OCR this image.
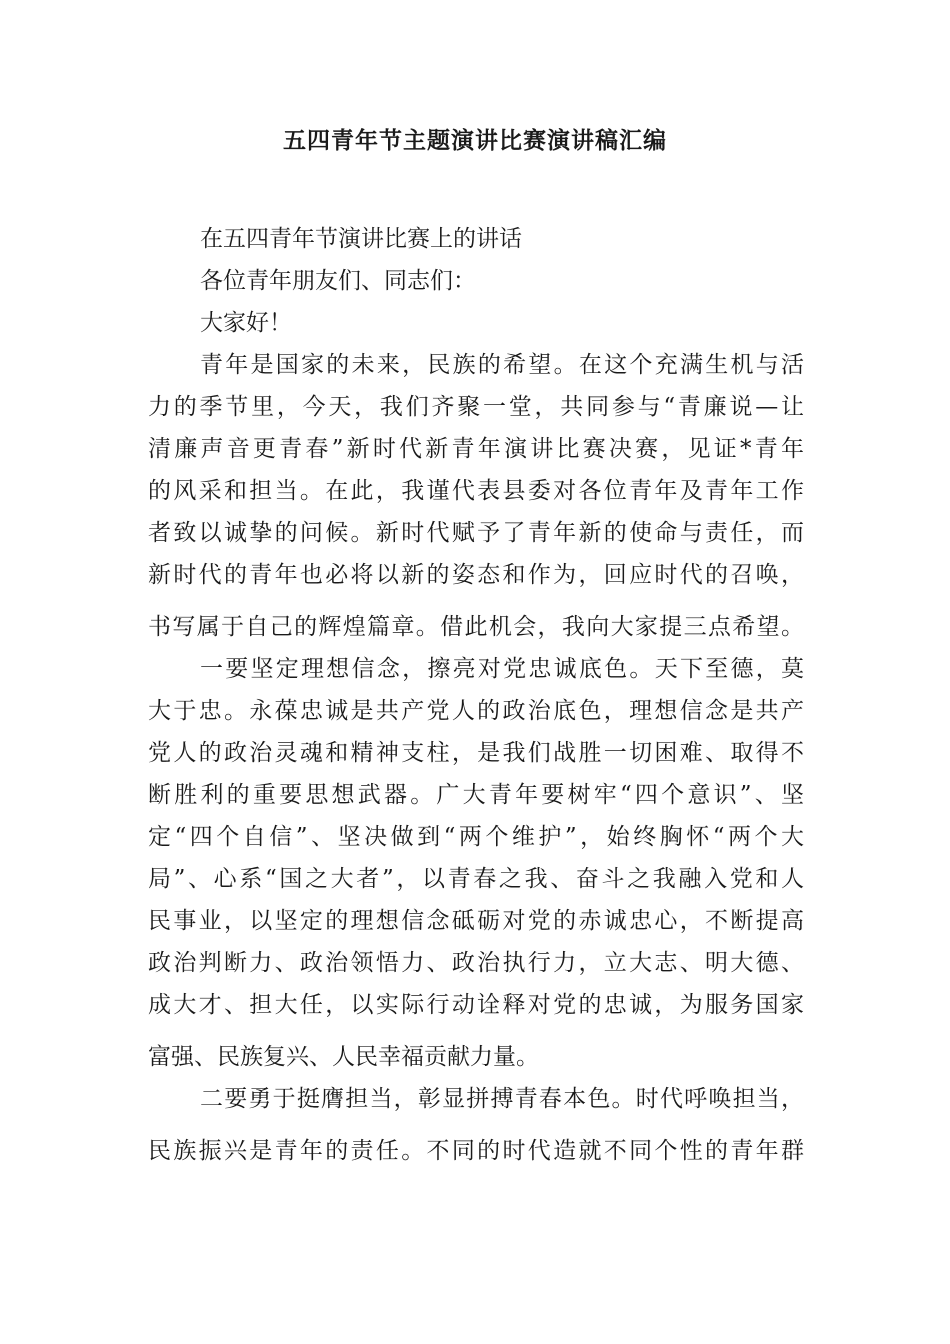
五四青年节主题演讲比赛演讲稿汇编
在五四青年节演讲比赛上的讲话
各位青年朋友们、同志们：
大家好！
青年是国家的未来，民族的希望。在这个充满生机与活
力的季节里，今天，我们齐聚一堂，共同参与“青廉说—让
清廉声音更青春”新时代新青年演讲比赛决赛，见证*青年
的风采和担当。在此，我谨代表县委对各位青年及青年工作
者致以诚挚的问候。新时代赋予了青年新的使命与责任，而
新时代的青年也必将以新的姿态和作为，回应时代的召唤，
书写属于自己的辉煌篇章。借此机会，我向大家提三点希望。
一要坚定理想信念，擦亮对党忠诚底色。天下至德，莫
大于忠。永葆忠诚是共产党人的政治底色，理想信念是共产
党人的政治灵魂和精神支柱，是我们战胜一切困难、取得不
断胜利的重要思想武器。广大青年要树牢“四个意识”、坚
定“四个自信”、坚决做到“两个维护”，始终胸怀“两个大
局”、心系“国之大者”，以青春之我、奋斗之我融入党和人
民事业，以坚定的理想信念砥砺对党的赤诚忠心，不断提高
政治判断力、政治领悟力、政治执行力，立大志、明大德、
成大才、担大任，以实际行动诠释对党的忠诚，为服务国家
富强、民族复兴、人民幸福贡献力量。
二要勇于挺膺担当，彰显拼搏青春本色。时代呼唤担当，
民族振兴是青年的责任。不同的时代造就不同个性的青年群
